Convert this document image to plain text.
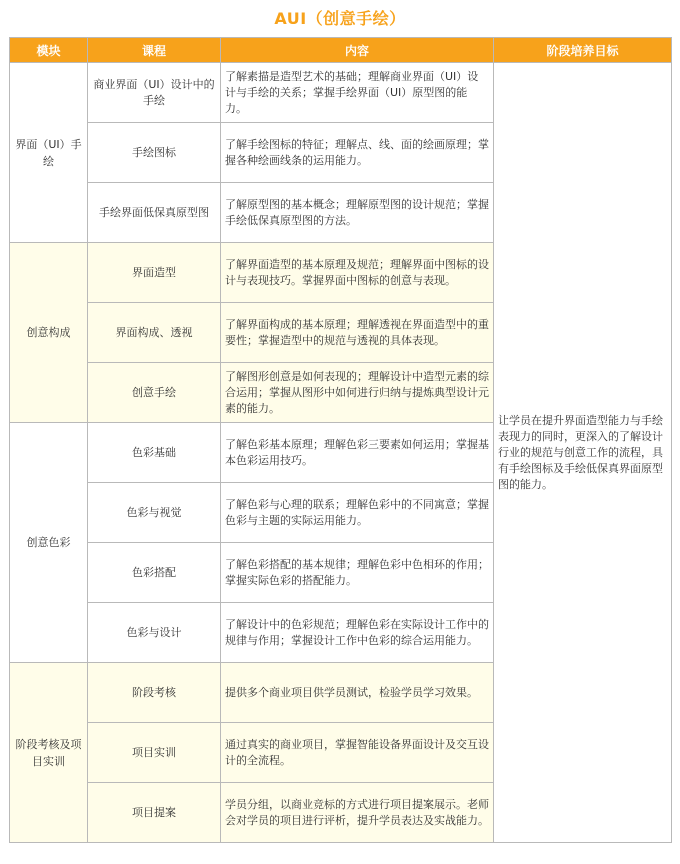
AUI（创意手绘）
模块	课程	内容	阶段培养目标
界面（UI）手绘	商业界面（UI）设计中的手绘	了解素描是造型艺术的基础；理解商业界面（UI）设计与手绘的关系；掌握手绘界面（UI）原型图的能力。	让学员在提升界面造型能力与手绘表现力的同时，更深入的了解设计行业的规范与创意工作的流程，具有手绘图标及手绘低保真界面原型图的能力。
	手绘图标	了解手绘图标的特征；理解点、线、面的绘画原理；掌握各种绘画线条的运用能力。	
	手绘界面低保真原型图	了解原型图的基本概念；理解原型图的设计规范；掌握手绘低保真原型图的方法。	
创意构成	界面造型	了解界面造型的基本原理及规范；理解界面中图标的设计与表现技巧。掌握界面中图标的创意与表现。	
	界面构成、透视	了解界面构成的基本原理；理解透视在界面造型中的重要性；掌握造型中的规范与透视的具体表现。	
	创意手绘	了解图形创意是如何表现的；理解设计中造型元素的综合运用；掌握从图形中如何进行归纳与提炼典型设计元素的能力。	
创意色彩	色彩基础	了解色彩基本原理；理解色彩三要素如何运用；掌握基本色彩运用技巧。	
	色彩与视觉	了解色彩与心理的联系；理解色彩中的不同寓意；掌握色彩与主题的实际运用能力。	
	色彩搭配	了解色彩搭配的基本规律；理解色彩中色相环的作用；掌握实际色彩的搭配能力。	
	色彩与设计	了解设计中的色彩规范；理解色彩在实际设计工作中的规律与作用；掌握设计工作中色彩的综合运用能力。	
阶段考核及项目实训	阶段考核	提供多个商业项目供学员测试，检验学员学习效果。	
	项目实训	通过真实的商业项目，掌握智能设备界面设计及交互设计的全流程。	
	项目提案	学员分组，以商业竞标的方式进行项目提案展示。老师会对学员的项目进行评析，提升学员表达及实战能力。	
